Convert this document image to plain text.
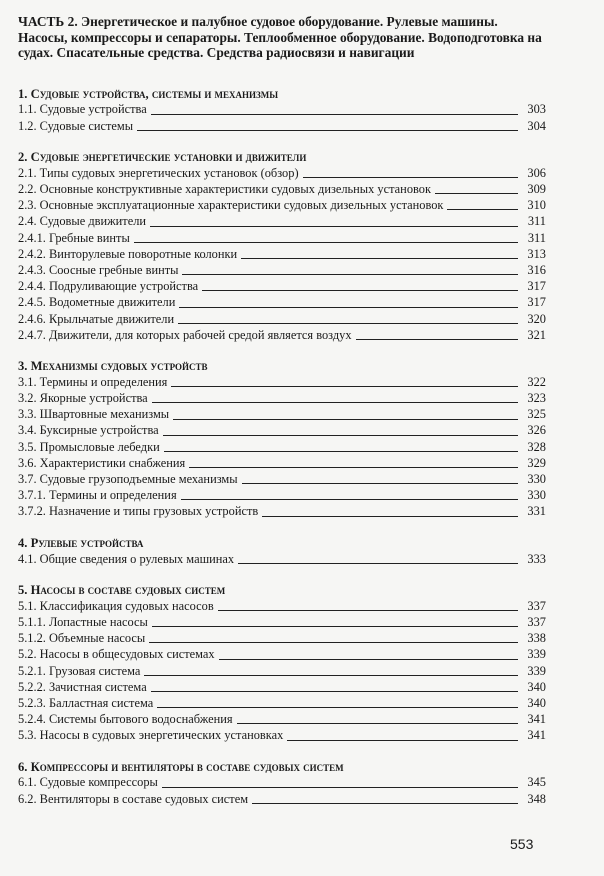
ЧАСТЬ 2. Энергетическое и палубное судовое оборудование. Рулевые машины. Насосы, компрессоры и сепараторы. Теплообменное оборудование. Водоподготовка на судах. Спасательные средства. Средства радиосвязи и навигации
1. Судовые устройства, системы и механизмы
1.1. Судовые устройства	303
1.2. Судовые системы	304
2. Судовые энергетические установки и движители
2.1. Типы судовых энергетических установок (обзор)	306
2.2. Основные конструктивные характеристики судовых дизельных установок	309
2.3. Основные эксплуатационные характеристики судовых дизельных установок	310
2.4. Судовые движители	311
2.4.1. Гребные винты	311
2.4.2. Винторулевые поворотные колонки	313
2.4.3. Соосные гребные винты	316
2.4.4. Подруливающие устройства	317
2.4.5. Водометные движители	317
2.4.6. Крыльчатые движители	320
2.4.7. Движители, для которых рабочей средой является воздух	321
3. Механизмы судовых устройств
3.1. Термины и определения	322
3.2. Якорные устройства	323
3.3. Швартовные механизмы	325
3.4. Буксирные устройства	326
3.5. Промысловые лебедки	328
3.6. Характеристики снабжения	329
3.7. Судовые грузоподъемные механизмы	330
3.7.1. Термины и определения	330
3.7.2. Назначение и типы грузовых устройств	331
4. Рулевые устройства
4.1. Общие сведения о рулевых машинах	333
5. Насосы в составе судовых систем
5.1. Классификация судовых насосов	337
5.1.1. Лопастные насосы	337
5.1.2. Объемные насосы	338
5.2. Насосы в общесудовых системах	339
5.2.1. Грузовая система	339
5.2.2. Зачистная система	340
5.2.3. Балластная система	340
5.2.4. Системы бытового водоснабжения	341
5.3. Насосы в судовых энергетических установках	341
6. Компрессоры и вентиляторы в составе судовых систем
6.1. Судовые компрессоры	345
6.2. Вентиляторы в составе судовых систем	348
553
